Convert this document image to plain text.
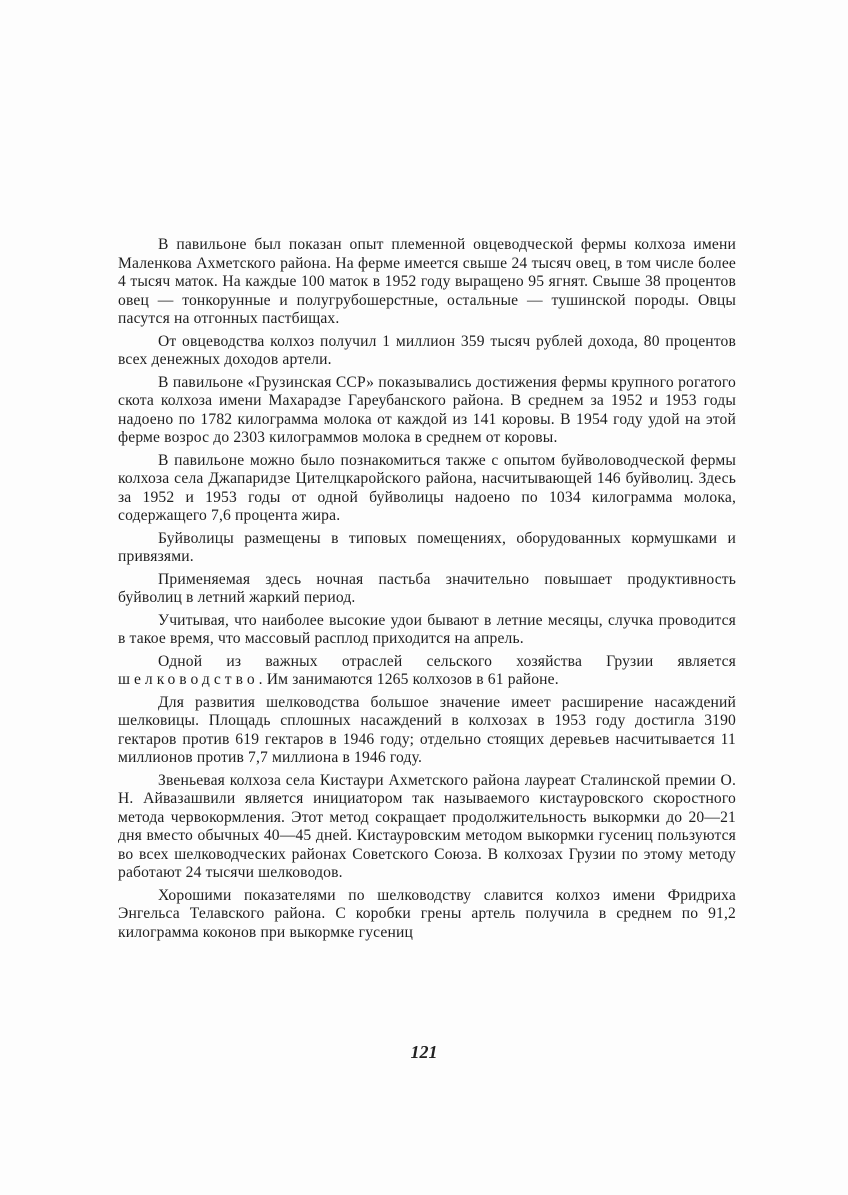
В павильоне был показан опыт племенной овцеводческой фермы колхоза имени Маленкова Ахметского района. На ферме имеется свыше 24 тысяч овец, в том числе более 4 тысяч маток. На каждые 100 маток в 1952 году выращено 95 ягнят. Свыше 38 процентов овец — тонкорунные и полугрубошерстные, остальные — тушинской породы. Овцы пасутся на отгонных пастбищах.

От овцеводства колхоз получил 1 миллион 359 тысяч рублей дохода, 80 процентов всех денежных доходов артели.

В павильоне «Грузинская ССР» показывались достижения фермы крупного рогатого скота колхоза имени Махарадзе Гареубанского района. В среднем за 1952 и 1953 годы надоено по 1782 килограмма молока от каждой из 141 коровы. В 1954 году удой на этой ферме возрос до 2303 килограммов молока в среднем от коровы.

В павильоне можно было познакомиться также с опытом буйволоводческой фермы колхоза села Джапаридзе Цителцкаройского района, насчитывающей 146 буйволиц. Здесь за 1952 и 1953 годы от одной буйволицы надоено по 1034 килограмма молока, содержащего 7,6 процента жира.

Буйволицы размещены в типовых помещениях, оборудованных кормушками и привязями.

Применяемая здесь ночная пастьба значительно повышает продуктивность буйволиц в летний жаркий период.

Учитывая, что наиболее высокие удои бывают в летние месяцы, случка проводится в такое время, что массовый расплод приходится на апрель.

Одной из важных отраслей сельского хозяйства Грузии является шелководство. Им занимаются 1265 колхозов в 61 районе.

Для развития шелководства большое значение имеет расширение насаждений шелковицы. Площадь сплошных насаждений в колхозах в 1953 году достигла 3190 гектаров против 619 гектаров в 1946 году; отдельно стоящих деревьев насчитывается 11 миллионов против 7,7 миллиона в 1946 году.

Звеньевая колхоза села Кистаури Ахметского района лауреат Сталинской премии О. Н. Айвазашвили является инициатором так называемого кистауровского скоростного метода червокормления. Этот метод сокращает продолжительность выкормки до 20—21 дня вместо обычных 40—45 дней. Кистауровским методом выкормки гусениц пользуются во всех шелководческих районах Советского Союза. В колхозах Грузии по этому методу работают 24 тысячи шелководов.

Хорошими показателями по шелководству славится колхоз имени Фридриха Энгельса Телавского района. С коробки грены артель получила в среднем по 91,2 килограмма коконов при выкормке гусениц

121
